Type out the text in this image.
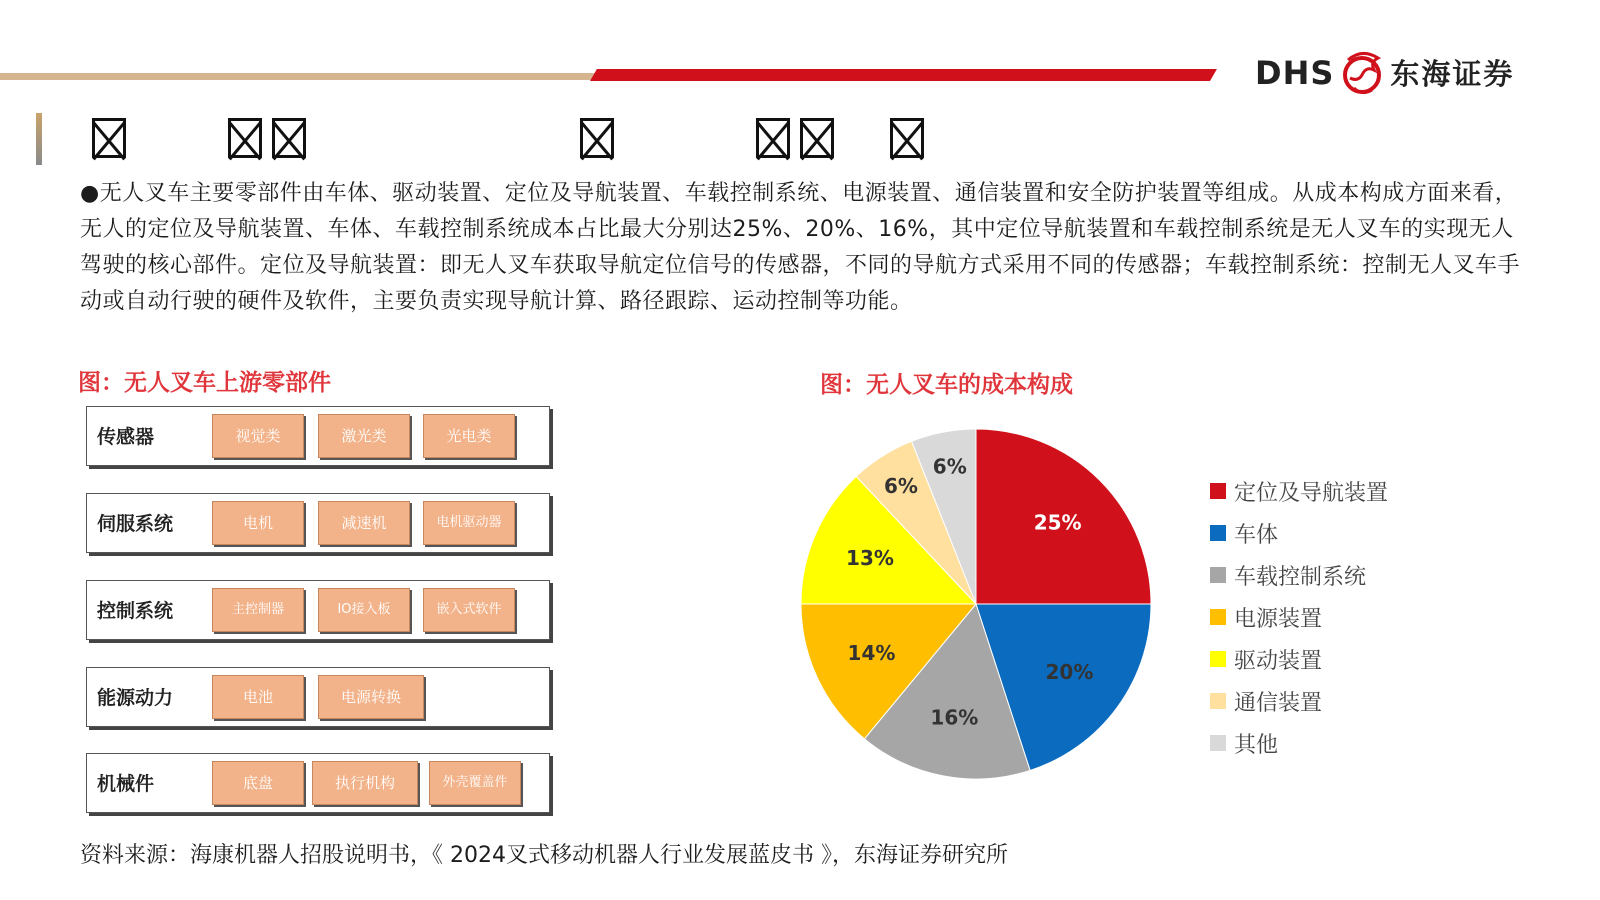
DHS 东海证券
●无人叉车主要零部件由车体、驱动装置、定位及导航装置、车载控制系统、电源装置、通信装置和安全防护装置等组成。从成本构成方面来看，无人的定位及导航装置、车体、车载控制系统成本占比最大分别达25%、20%、16%，其中定位导航装置和车载控制系统是无人叉车的实现无人驾驶的核心部件。定位及导航装置：即无人叉车获取导航定位信号的传感器，不同的导航方式采用不同的传感器；车载控制系统：控制无人叉车手动或自动行驶的硬件及软件，主要负责实现导航计算、路径跟踪、运动控制等功能。
图：无人叉车上游零部件
传感器	视觉类	激光类	光电类
伺服系统	电机	减速机	电机驱动器
控制系统	主控制器	IO接入板	嵌入式软件
能源动力	电池	电源转换
机械件	底盘	执行机构	外壳覆盖件
图：无人叉车的成本构成
25%
20%
16%
14%
13%
6%
6%
定位及导航装置
车体
车载控制系统
电源装置
驱动装置
通信装置
其他
资料来源：海康机器人招股说明书，《 2024叉式移动机器人行业发展蓝皮书 》，东海证券研究所
